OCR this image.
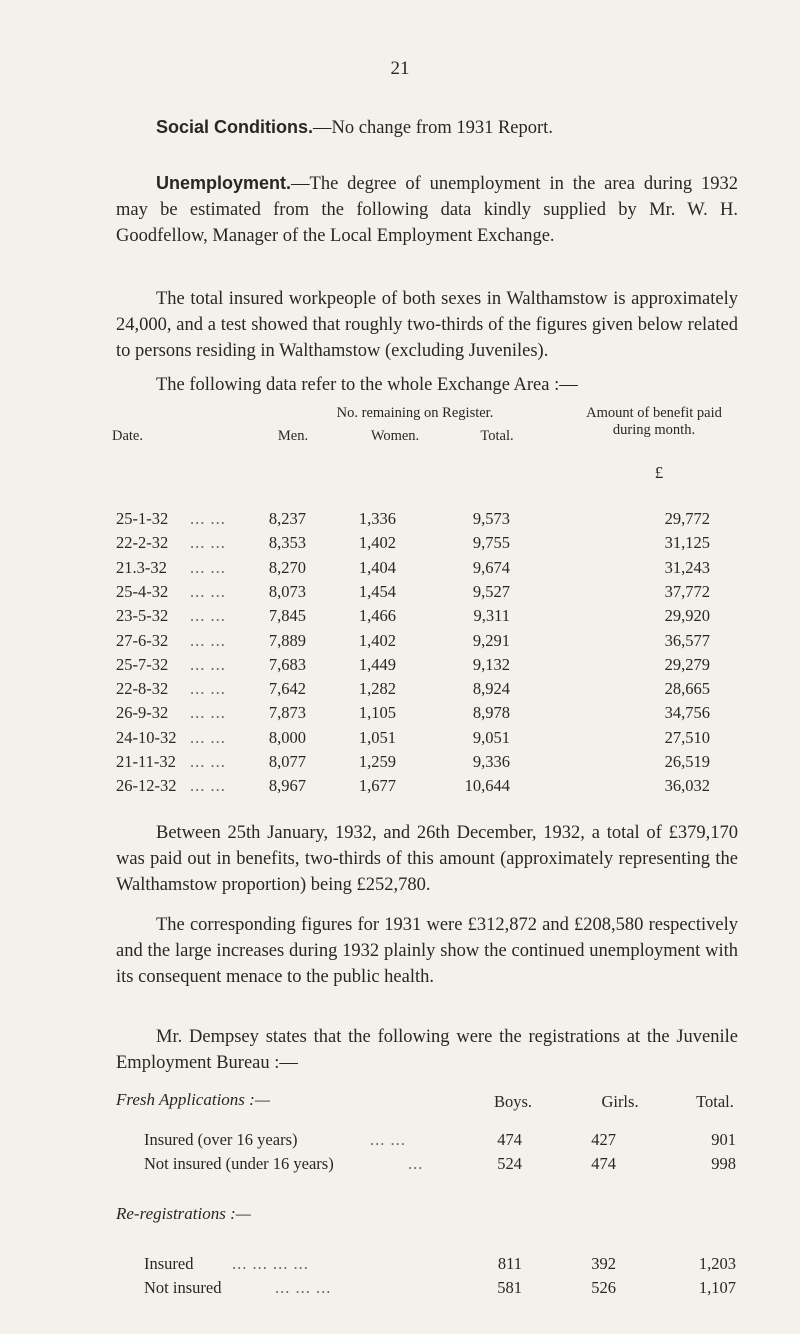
21

Social Conditions.—No change from 1931 Report.

Unemployment.—The degree of unemployment in the area during 1932 may be estimated from the following data kindly supplied by Mr. W. H. Goodfellow, Manager of the Local Employment Exchange.

The total insured workpeople of both sexes in Walthamstow is approximately 24,000, and a test showed that roughly two-thirds of the figures given below related to persons residing in Walthamstow (excluding Juveniles).

The following data refer to the whole Exchange Area :—

No. remaining on Register.
Date.	Men.	Women.	Total.
Amount of benefit paid during month.
£
25-1-32 ... ...	8,237	1,336	9,573	29,772
22-2-32 ... ...	8,353	1,402	9,755	31,125
21.3-32 ... ...	8,270	1,404	9,674	31,243
25-4-32 ... ...	8,073	1,454	9,527	37,772
23-5-32 ... ...	7,845	1,466	9,311	29,920
27-6-32 ... ...	7,889	1,402	9,291	36,577
25-7-32 ... ...	7,683	1,449	9,132	29,279
22-8-32 ... ...	7,642	1,282	8,924	28,665
26-9-32 ... ...	7,873	1,105	8,978	34,756
24-10-32 ... ...	8,000	1,051	9,051	27,510
21-11-32 ... ...	8,077	1,259	9,336	26,519
26-12-32 ... ...	8,967	1,677	10,644	36,032

Between 25th January, 1932, and 26th December, 1932, a total of £379,170 was paid out in benefits, two-thirds of this amount (approximately representing the Walthamstow proportion) being £252,780.

The corresponding figures for 1931 were £312,872 and £208,580 respectively and the large increases during 1932 plainly show the continued unemployment with its consequent menace to the public health.

Mr. Dempsey states that the following were the registrations at the Juvenile Employment Bureau :—

Fresh Applications :—	Boys.	Girls.	Total.
Insured (over 16 years)	... ...	474	427	901
Not insured (under 16 years)	...	524	474	998
Re-registrations :—
Insured ... ... ... ...	811	392	1,203
Not insured	... ... ...	581	526	1,107
